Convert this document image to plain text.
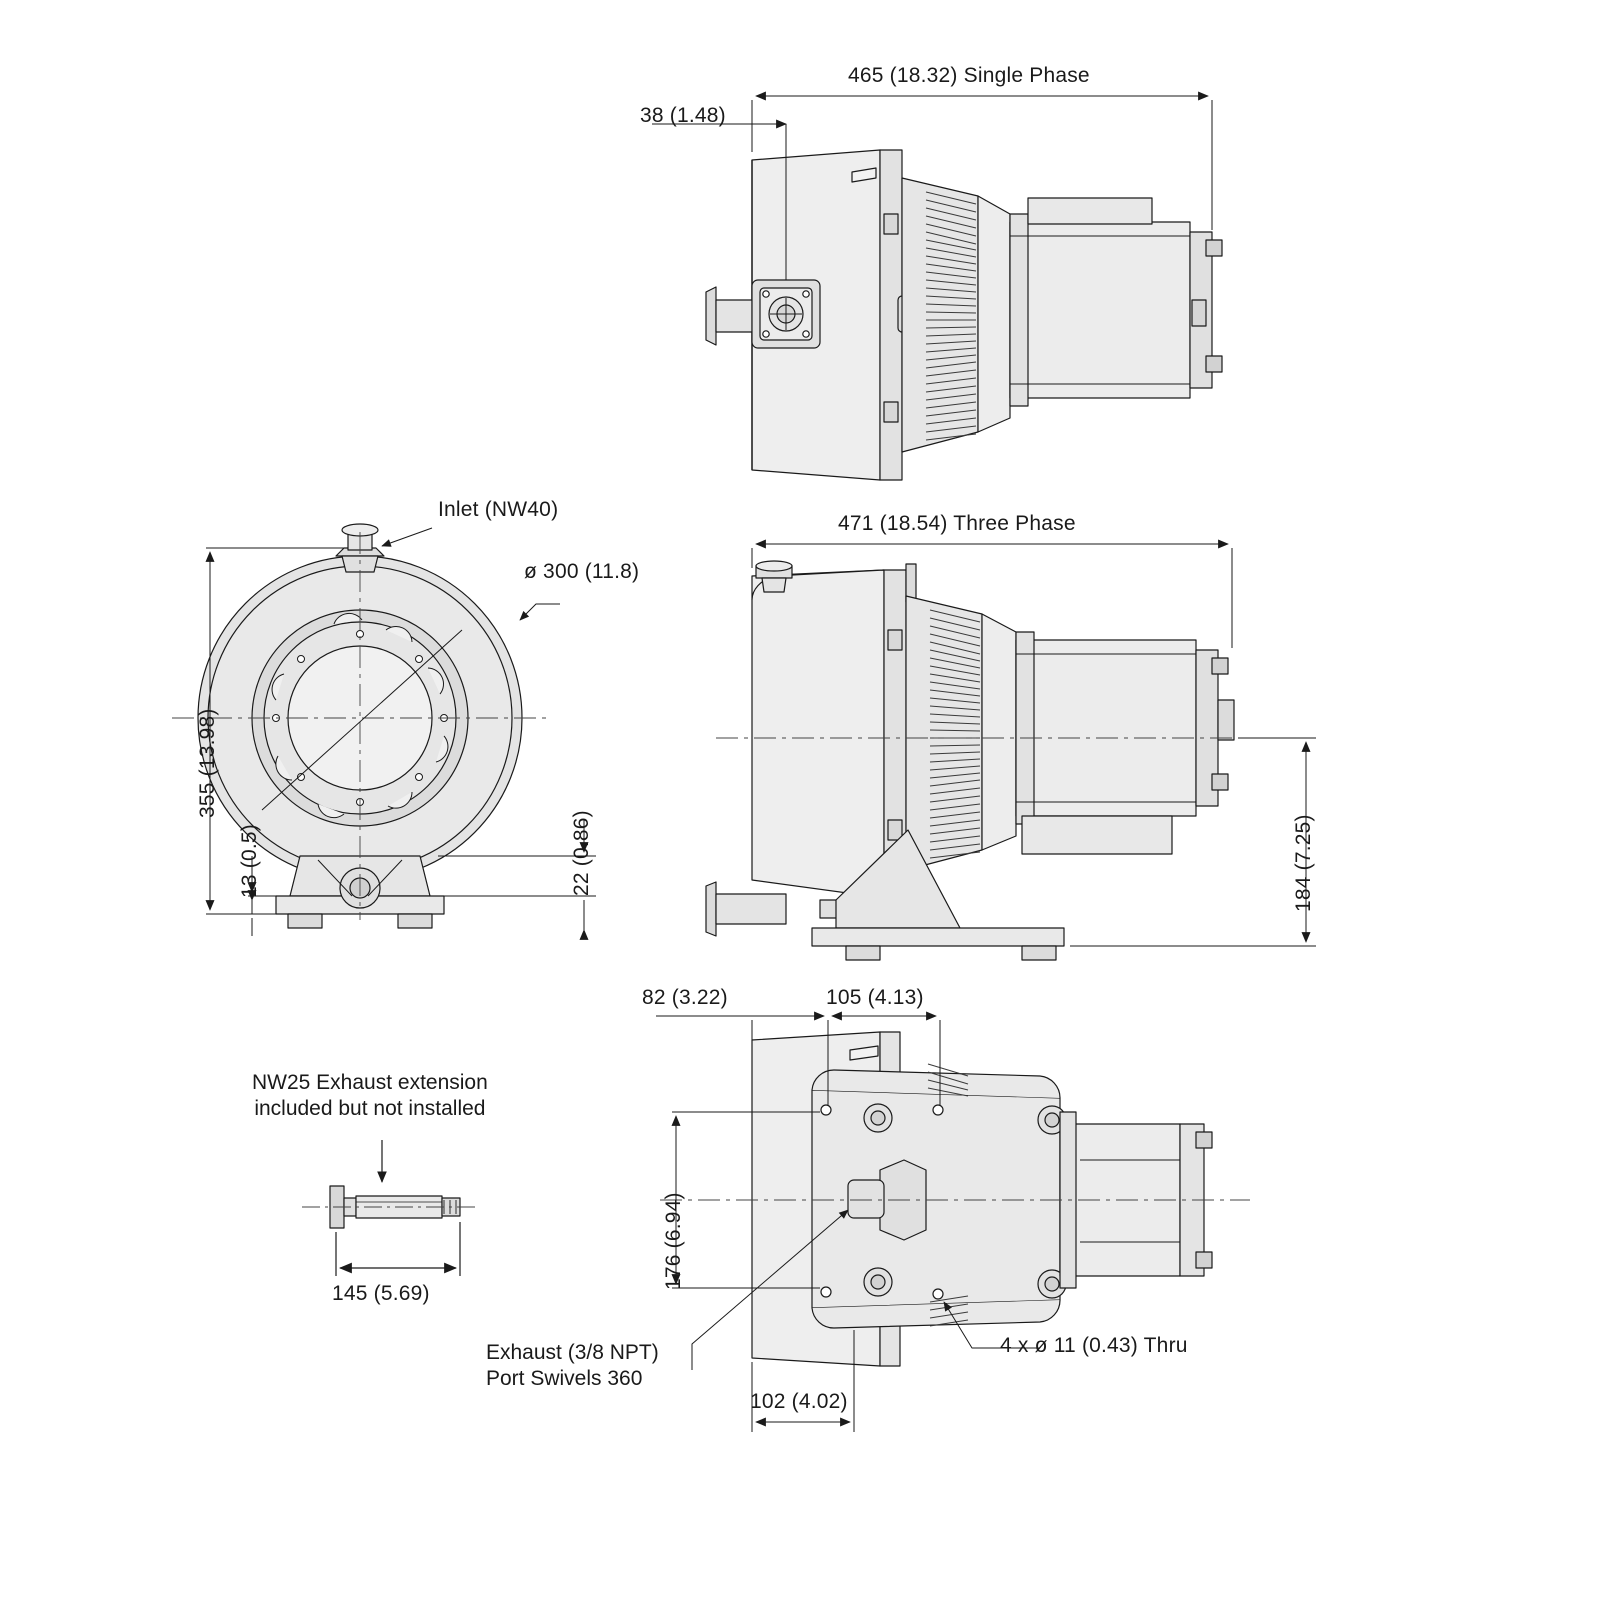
465 (18.32) Single Phase
38 (1.48)
Inlet (NW40)
ø 300 (11.8)
355 (13.98)
13 (0.5)	22 (0.86)
471 (18.54) Three Phase
184 (7.25)
82 (3.22)	105 (4.13)
176 (6.94)
102 (4.02)
Exhaust (3/8 NPT)
Port Swivels 360
4 x ø 11 (0.43) Thru
NW25 Exhaust extension
included but not installed
145 (5.69)
